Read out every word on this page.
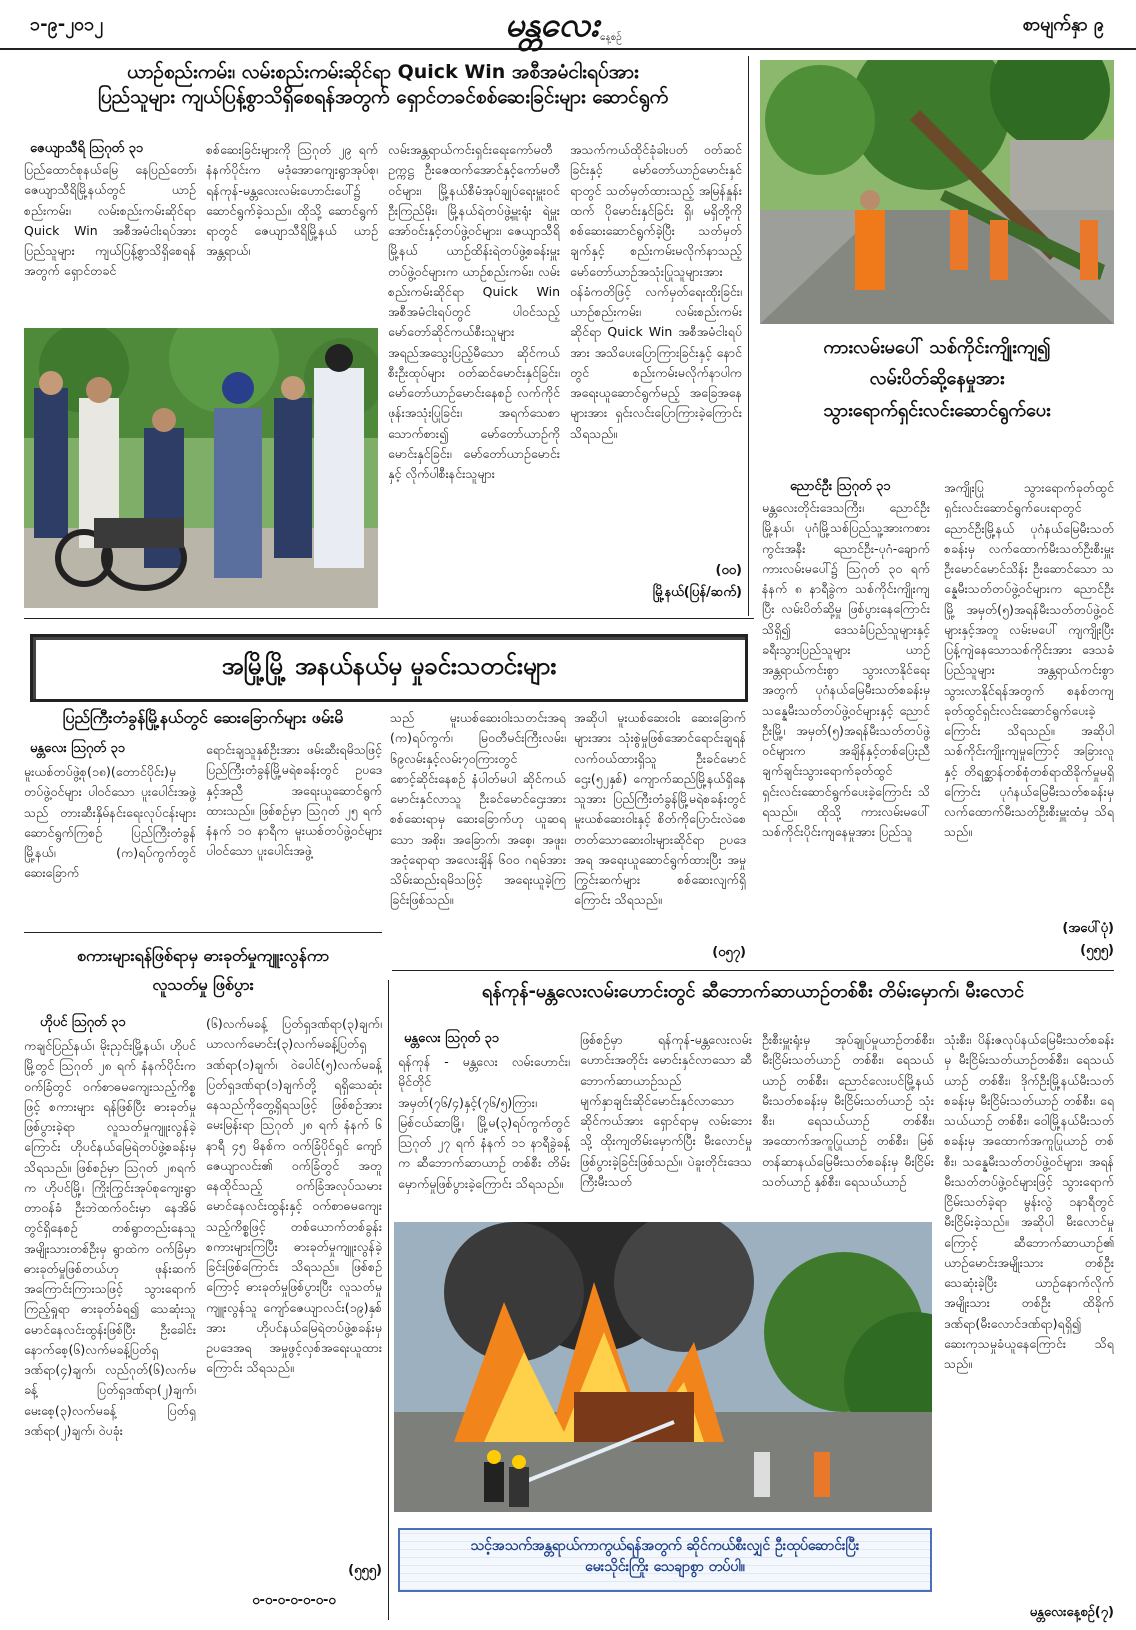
၁-၉-၂၀၁၂	မန္တလေး နေ့စဉ်
စာမျက်နှာ ၉
ယာဉ်စည်းကမ်း၊ လမ်းစည်းကမ်းဆိုင်ရာ Quick Win အစီအမံငါးရပ်အား
ပြည်သူများ ကျယ်ပြန့်စွာသိရှိစေရန်အတွက် ရှောင်တခင်စစ်ဆေးခြင်းများ ဆောင်ရွက်
ဇေယျာသီရိ ဩဂုတ် ၃၁
ပြည်ထောင်စုနယ်မြေ နေပြည်တော်၊ ဇေယျာသီရိမြို့နယ်တွင် ယာဉ်စည်းကမ်း၊ လမ်းစည်းကမ်းဆိုင်ရာ Quick Win အစီအမံငါးရပ်အား ပြည်သူများ ကျယ်ပြန့်စွာသိရှိစေရန်အတွက် ရှောင်တခင်
စစ်ဆေးခြင်းများကို ဩဂုတ် ၂၉ ရက် နံနက်ပိုင်းက မဒုံအောကျေးရွာအုပ်စု၊ ရန်ကုန်-မန္တလေးလမ်းဟောင်းပေါ်၌ ဆောင်ရွက်ခဲ့သည်။ ထိုသို့ ဆောင်ရွက်ရာတွင် ဇေယျာသီရိမြို့နယ် ယာဉ်အန္တရာယ်၊
လမ်းအန္တရာယ်ကင်းရှင်းရေးကော်မတီဥက္ကဋ္ဌ ဦးဇေထက်အောင်နှင့်ကော်မတီဝင်များ၊ မြို့နယ်စီမံအုပ်ချုပ်ရေးမှူးဝင် ဦးကြည်မိုး၊ မြို့နယ်ရဲတပ်ဖွဲ့မှူးရုံး ရဲမှူး အော်ဝင်းနှင့်တပ်ဖွဲ့ဝင်များ၊ ဇေယျာသီရိမြို့နယ် ယာဉ်ထိန်းရဲတပ်ဖွဲ့စခန်းမှူး တပ်ဖွဲ့ဝင်များက ယာဉ်စည်းကမ်း၊ လမ်းစည်းကမ်းဆိုင်ရာ Quick Win အစီအမံငါးရပ်တွင် ပါဝင်သည့် မော်တော်ဆိုင်ကယ်စီးသူများ အရည်အသွေးပြည့်မီသော ဆိုင်ကယ်စီးဦးထုပ်များ ဝတ်ဆင်မောင်းနှင်ခြင်း၊ မော်တော်ယာဉ်မောင်းနေစဉ် လက်ကိုင်ဖုန်းအသုံးပြုခြင်း၊ အရက်သေစာ သောက်စား၍ မော်တော်ယာဉ်ကို မောင်းနှင်ခြင်း၊ မော်တော်ယာဉ်မောင်းနှင့် လိုက်ပါစီးနင်းသူများ
အသက်ကယ်ထိုင်ခုံခါးပတ် ဝတ်ဆင်ခြင်းနှင့် မော်တော်ယာဉ်မောင်းနှင်ရာတွင် သတ်မှတ်ထားသည့် အမြန်နှုန်းထက် ပိုမောင်းနှင်ခြင်း ရှိ၊ မရှိတို့ကို စစ်ဆေးဆောင်ရွက်ခဲ့ပြီး သတ်မှတ်ချက်နှင့် စည်းကမ်းမလိုက်နာသည့် မော်တော်ယာဉ်အသုံးပြုသူများအား ဝန်ခံကတိဖြင့် လက်မှတ်ရေးထိုးခြင်း၊ ယာဉ်စည်းကမ်း၊ လမ်းစည်းကမ်းဆိုင်ရာ Quick Win အစီအမံငါးရပ်အား အသိပေးပြောကြားခြင်းနှင့် နောင်တွင် စည်းကမ်းမလိုက်နာပါက အရေးယူဆောင်ရွက်မည့် အခြေအနေများအား ရှင်းလင်းပြောကြားခဲ့ကြောင်း သိရသည်။
(ဝဝ)
မြို့နယ်(ပြန်/ဆက်)
ကားလမ်းမပေါ် သစ်ကိုင်းကျိုးကျ၍
လမ်းပိတ်ဆို့နေမှုအား
သွားရောက်ရှင်းလင်းဆောင်ရွက်ပေး
ညောင်ဦး ဩဂုတ် ၃၁
မန္တလေးတိုင်းဒေသကြီး၊ ညောင်ဦးမြို့နယ်၊ ပုဂံမြို့သစ်ပြည်သူ့အားကစားကွင်းအနီး ညောင်ဦး-ပုဂံ-ချောက် ကားလမ်းမပေါ်၌ ဩဂုတ် ၃၀ ရက် နံနက် ၈ နာရီခွဲက သစ်ကိုင်းကျိုးကျပြီး လမ်းပိတ်ဆို့မှု ဖြစ်ပွားနေကြောင်းသိရှိ၍ ဒေသခံပြည်သူများနှင့် ခရီးသွားပြည်သူများ ယာဉ်အန္တရာယ်ကင်းစွာ သွားလာနိုင်ရေးအတွက် ပုဂံနယ်မြေမီးသတ်စခန်းမှ သန္နေမီးသတ်တပ်ဖွဲ့ဝင်များနှင့် ညောင်ဦးမြို့၊ အမှတ်(၅)အရန်မီးသတ်တပ်ဖွဲ့ဝင်များက အချိန်နှင့်တစ်ပြေးညီ ချက်ချင်းသွားရောက်ခုတ်ထွင်ရှင်းလင်းဆောင်ရွက်ပေးခဲ့ကြောင်း သိရသည်။ ထိုသို့ ကားလမ်းမပေါ် သစ်ကိုင်းပိုင်းကျနေမှုအား ပြည်သူ
အကျိုးပြု သွားရောက်ခုတ်ထွင်ရှင်းလင်းဆောင်ရွက်ပေးရာတွင် ညောင်ဦးမြို့နယ် ပုဂံနယ်မြေမီးသတ်စခန်းမှ လက်ထောက်မီးသတ်ဦးစီးမှူး ဦးမောင်မောင်သိန်း ဦးဆောင်သော သန္နေမီးသတ်တပ်ဖွဲ့ဝင်များက ညောင်ဦးမြို့ အမှတ်(၅)အရန်မီးသတ်တပ်ဖွဲ့ဝင်များနှင့်အတူ လမ်းမပေါ် ကျကျိုးပြီး ပြန့်ကျဲနေသောသစ်ကိုင်းအား ဒေသခံပြည်သူများ အန္တရာယ်ကင်းစွာ သွားလာနိုင်ရန်အတွက် စနစ်တကျ ခုတ်ထွင်ရှင်းလင်းဆောင်ရွက်ပေးခဲ့ကြောင်း သိရသည်။ အဆိုပါ သစ်ကိုင်းကျိုးကျမှုကြောင့် အခြားလူနှင့် တိရစ္ဆာန်တစ်စုံတစ်ရာထိခိုက်မှုမရှိကြောင်း ပုဂံနယ်မြေမီးသတ်စခန်းမှ လက်ထောက်မီးသတ်ဦးစီးမှူးထံမှ သိရသည်။
(အပေါ်ပုံ)
(၅၅၅)
အမြို့မြို့ အနယ်နယ်မှ မှုခင်းသတင်းများ
ပြည်ကြီးတံခွန်မြို့နယ်တွင် ဆေးခြောက်များ ဖမ်းမိ
မန္တလေး ဩဂုတ် ၃၁
မူးယစ်တပ်ဖွဲ့စု(၁၈)(တောင်ပိုင်း)မှ တပ်ဖွဲ့ဝင်များ ပါဝင်သော ပူးပေါင်းအဖွဲ့သည် တားဆီးနှိမ်နင်းရေးလုပ်ငန်းများ ဆောင်ရွက်ကြစဉ် ပြည်ကြီးတံခွန်မြို့နယ်၊ (က)ရပ်ကွက်တွင် ဆေးခြောက်
ရောင်းချသူနှစ်ဦးအား ဖမ်းဆီးရမိသဖြင့် ပြည်ကြီးတံခွန်မြို့မရဲစခန်းတွင် ဥပဒေနှင့်အညီ အရေးယူဆောင်ရွက်ထားသည်။ ဖြစ်စဉ်မှာ ဩဂုတ် ၂၅ ရက် နံနက် ၁၀ နာရီက မူးယစ်တပ်ဖွဲ့ဝင်များပါဝင်သော ပူးပေါင်းအဖွဲ့
သည် မူးယစ်ဆေးဝါးသတင်းအရ (က)ရပ်ကွက်၊ မြဝတီမင်းကြီးလမ်း၊ ၆၉လမ်းနှင့်လမ်း၇၀ကြားတွင် စောင့်ဆိုင်းနေစဉ် နံပါတ်မပါ ဆိုင်ကယ်မောင်းနှင်လာသူ ဦးခင်မောင်ဌေးအား စစ်ဆေးရာမှ ဆေးခြောက်ဟု ယူဆရသော အစိုး၊ အခြောက်၊ အစေ့၊ အဖူး၊ အငုံရောရာ အလေးချိန် ၆၀၀ ဂရမ်အား သိမ်းဆည်းရမိသဖြင့် အရေးယူခဲ့ကြခြင်းဖြစ်သည်။
အဆိုပါ မူးယစ်ဆေးဝါး ဆေးခြောက်များအား သုံးစွဲမှုဖြစ်အောင်ရောင်းချရန် လက်ဝယ်ထားရှိသူ ဦးခင်မောင်ဌေး(၅၂နှစ်) ကျောက်ဆည်မြို့နယ်ရှိနေသူအား ပြည်ကြီးတံခွန်မြို့မရဲစခန်းတွင် မူးယစ်ဆေးဝါးနှင့် စိတ်ကိုပြောင်းလဲစေတတ်သောဆေးဝါးများဆိုင်ရာ ဥပဒေအရ အရေးယူဆောင်ရွက်ထားပြီး အမှုကြွင်းဆက်များ စစ်ဆေးလျက်ရှိကြောင်း သိရသည်။
(ဝ၅၇)
စကားများရန်ဖြစ်ရာမှ ဓားခုတ်မှုကျူးလွန်ကာ
လူသတ်မှု ဖြစ်ပွား
ဟိုပင် ဩဂုတ် ၃၁
ကချင်ပြည်နယ်၊ မိုးညှင်းမြို့နယ်၊ ဟိုပင်မြို့တွင် ဩဂုတ် ၂၈ ရက် နံနက်ပိုင်းက ဝက်ခြံတွင် ဝက်စာဓမကျေးသည့်ကိစ္စဖြင့် စကားများ ရန်ဖြစ်ပြီး ဓားခုတ်မှုဖြစ်ပွားခဲ့ရာ လူသတ်မှုကျူးလွန်ခဲ့ကြောင်း ဟိုပင်နယ်မြေရဲတပ်ဖွဲ့စခန်းမှ သိရသည်။ ဖြစ်စဉ်မှာ ဩဂုတ် ၂၈ရက်က ဟိုပင်မြို့၊ ကြိုးကြွင်းအုပ်စုကျေးရွာတာဝန်ခံ ဦးဘဲထက်ဝင်းမှာ နေအိမ်တွင်ရှိနေစဉ် တစ်ရွာတည်းနေသူ အမျိုးသားတစ်ဦးမှ ရွာထဲက ဝက်ခြံမှာ ဓားခုတ်မှုဖြစ်တယ်ဟု ဖုန်းဆက်အကြောင်းကြားသဖြင့် သွားရောက်ကြည့်ရှုရာ ဓားခုတ်ခံရ၍ သေဆုံးသူ မောင်နေလင်းထွန်းဖြစ်ပြီး ဦးခေါင်းနောက်စေ့(၆)လက်မခန့်ပြတ်ရှဒဏ်ရာ(၄)ချက်၊ လည်ဂုတ်(၆)လက်မခန့် ပြတ်ရှဒဏ်ရာ(၂)ချက်၊ မေးစေ့(၃)လက်မခန့် ပြတ်ရှဒဏ်ရာ(၂)ချက်၊ ဝဲပခုံး
(၆)လက်မခန့် ပြတ်ရှဒဏ်ရာ(၃)ချက်၊ ယာလက်မောင်း(၃)လက်မခန့်ပြတ်ရှဒဏ်ရာ(၁)ချက်၊ ဝဲပေါင်(၅)လက်မခန့် ပြတ်ရှဒဏ်ရာ(၁)ချက်တို့ ရရှိသေဆုံးနေသည်ကိုတွေ့ရှိရသဖြင့် ဖြစ်စဉ်အား မေးမြန်းရာ ဩဂုတ် ၂၈ ရက် နံနက် ၆ နာရီ ၄၅ မိနစ်က ဝက်ခြံပိုင်ရှင် ကျော်ဇေယျာလင်း၏ ဝက်ခြံတွင် အတူနေထိုင်သည့် ဝက်ခြံအလုပ်သမား မောင်နေလင်းထွန်းနှင့် ဝက်စာဓမကျေးသည့်ကိစ္စဖြင့် တစ်ယောက်တစ်ခွန်း စကားများကြပြီး ဓားခုတ်မှုကျူးလွန်ခဲ့ခြင်းဖြစ်ကြောင်း သိရသည်။ ဖြစ်စဉ်ကြောင့် ဓားခုတ်မှုဖြစ်ပွားပြီး လူသတ်မှုကျူးလွန်သူ ကျော်ဇေယျာလင်း(၁၉)နှစ်အား ဟိုပင်နယ်မြေရဲတပ်ဖွဲ့စခန်းမှ ဥပဒေအရ အမှုဖွင့်လှစ်အရေးယူထားကြောင်း သိရသည်။
(၅၅၅)
ဝ-ဝ-ဝ-ဝ-ဝ-ဝ-ဝ
ရန်ကုန်-မန္တလေးလမ်းဟောင်းတွင် ဆီဘောက်ဆာယာဉ်တစ်စီး တိမ်းမှောက်၊ မီးလောင်
မန္တလေး ဩဂုတ် ၃၁
ရန်ကုန် - မန္တလေး လမ်းဟောင်း၊ မိုင်တိုင်အမှတ်(၇၆/၄)နှင့်(၇၆/၅)ကြား၊ မြစ်ငယ်ဆာမြို့၊ မြို့မ(၃)ရပ်ကွက်တွင် ဩဂုတ် ၂၇ ရက် နံနက် ၁၁ နာရီခွဲခန့်က ဆီဘောက်ဆာယာဉ် တစ်စီး တိမ်းမှောက်မှုဖြစ်ပွားခဲ့ကြောင်း သိရသည်။
ဖြစ်စဉ်မှာ ရန်ကုန်-မန္တလေးလမ်းဟောင်းအတိုင်း မောင်းနှင်လာသော ဆီဘောက်ဆာယာဉ်သည် မျက်နှာချင်းဆိုင်မောင်းနှင်လာသော ဆိုင်ကယ်အား ရှောင်ရာမှ လမ်းဘေးသို့ ထိုးကျတိမ်းမှောက်ပြီး မီးလောင်မှုဖြစ်ပွားခဲ့ခြင်းဖြစ်သည်။ ပဲခူးတိုင်းဒေသကြီးမီးသတ်
ဦးစီးမှူးရုံးမှ အုပ်ချုပ်မှုယာဉ်တစ်စီး၊ မီးငြိမ်းသတ်ယာဉ် တစ်စီး၊ ရေသယ်ယာဉ် တစ်စီး၊ ညောင်လေးပင်မြို့နယ်မီးသတ်စခန်းမှ မီးငြိမ်းသတ်ယာဉ် သုံးစီး၊ ရေသယ်ယာဉ် တစ်စီး၊ အထောက်အကူပြုယာဉ် တစ်စီး၊ မြစ်တန်ဆာနယ်မြေမီးသတ်စခန်းမှ မီးငြိမ်းသတ်ယာဉ် နှစ်စီး၊ ရေသယ်ယာဉ်
သုံးစီး၊ ပိန်းဇလုပ်နယ်မြေမီးသတ်စခန်းမှ မီးငြိမ်းသတ်ယာဉ်တစ်စီး၊ ရေသယ်ယာဉ် တစ်စီး၊ ဒိုက်ဦးမြို့နယ်မီးသတ်စခန်းမှ မီးငြိမ်းသတ်ယာဉ် တစ်စီး၊ ရေသယ်ယာဉ် တစ်စီး၊ ဝေါမြို့နယ်မီးသတ်စခန်းမှ အထောက်အကူပြုယာဉ် တစ်စီး၊ သန္နေမီးသတ်တပ်ဖွဲ့ဝင်များ၊ အရန်မီးသတ်တပ်ဖွဲ့ဝင်များဖြင့် သွားရောက်ငြိမ်းသတ်ခဲ့ရာ မွန်းလွဲ ၁နာရီတွင် မီးငြိမ်းခဲ့သည်။ အဆိုပါ မီးလောင်မှုကြောင့် ဆီဘောက်ဆာယာဉ်၏ ယာဉ်မောင်းအမျိုးသား တစ်ဦး သေဆုံးခဲ့ပြီး ယာဉ်နောက်လိုက် အမျိုးသား တစ်ဦး ထိခိုက်ဒဏ်ရာ(မီးလောင်ဒဏ်ရာ)ရရှိ၍ ဆေးကုသမှုခံယူနေကြောင်း သိရသည်။
မန္တလေးနေ့စဉ်(၇)
သင့်အသက်အန္တရာယ်ကာကွယ်ရန်အတွက် ဆိုင်ကယ်စီးလျှင် ဦးထုပ်ဆောင်းပြီး
မေးသိုင်းကြိုး သေချာစွာ တပ်ပါ။
